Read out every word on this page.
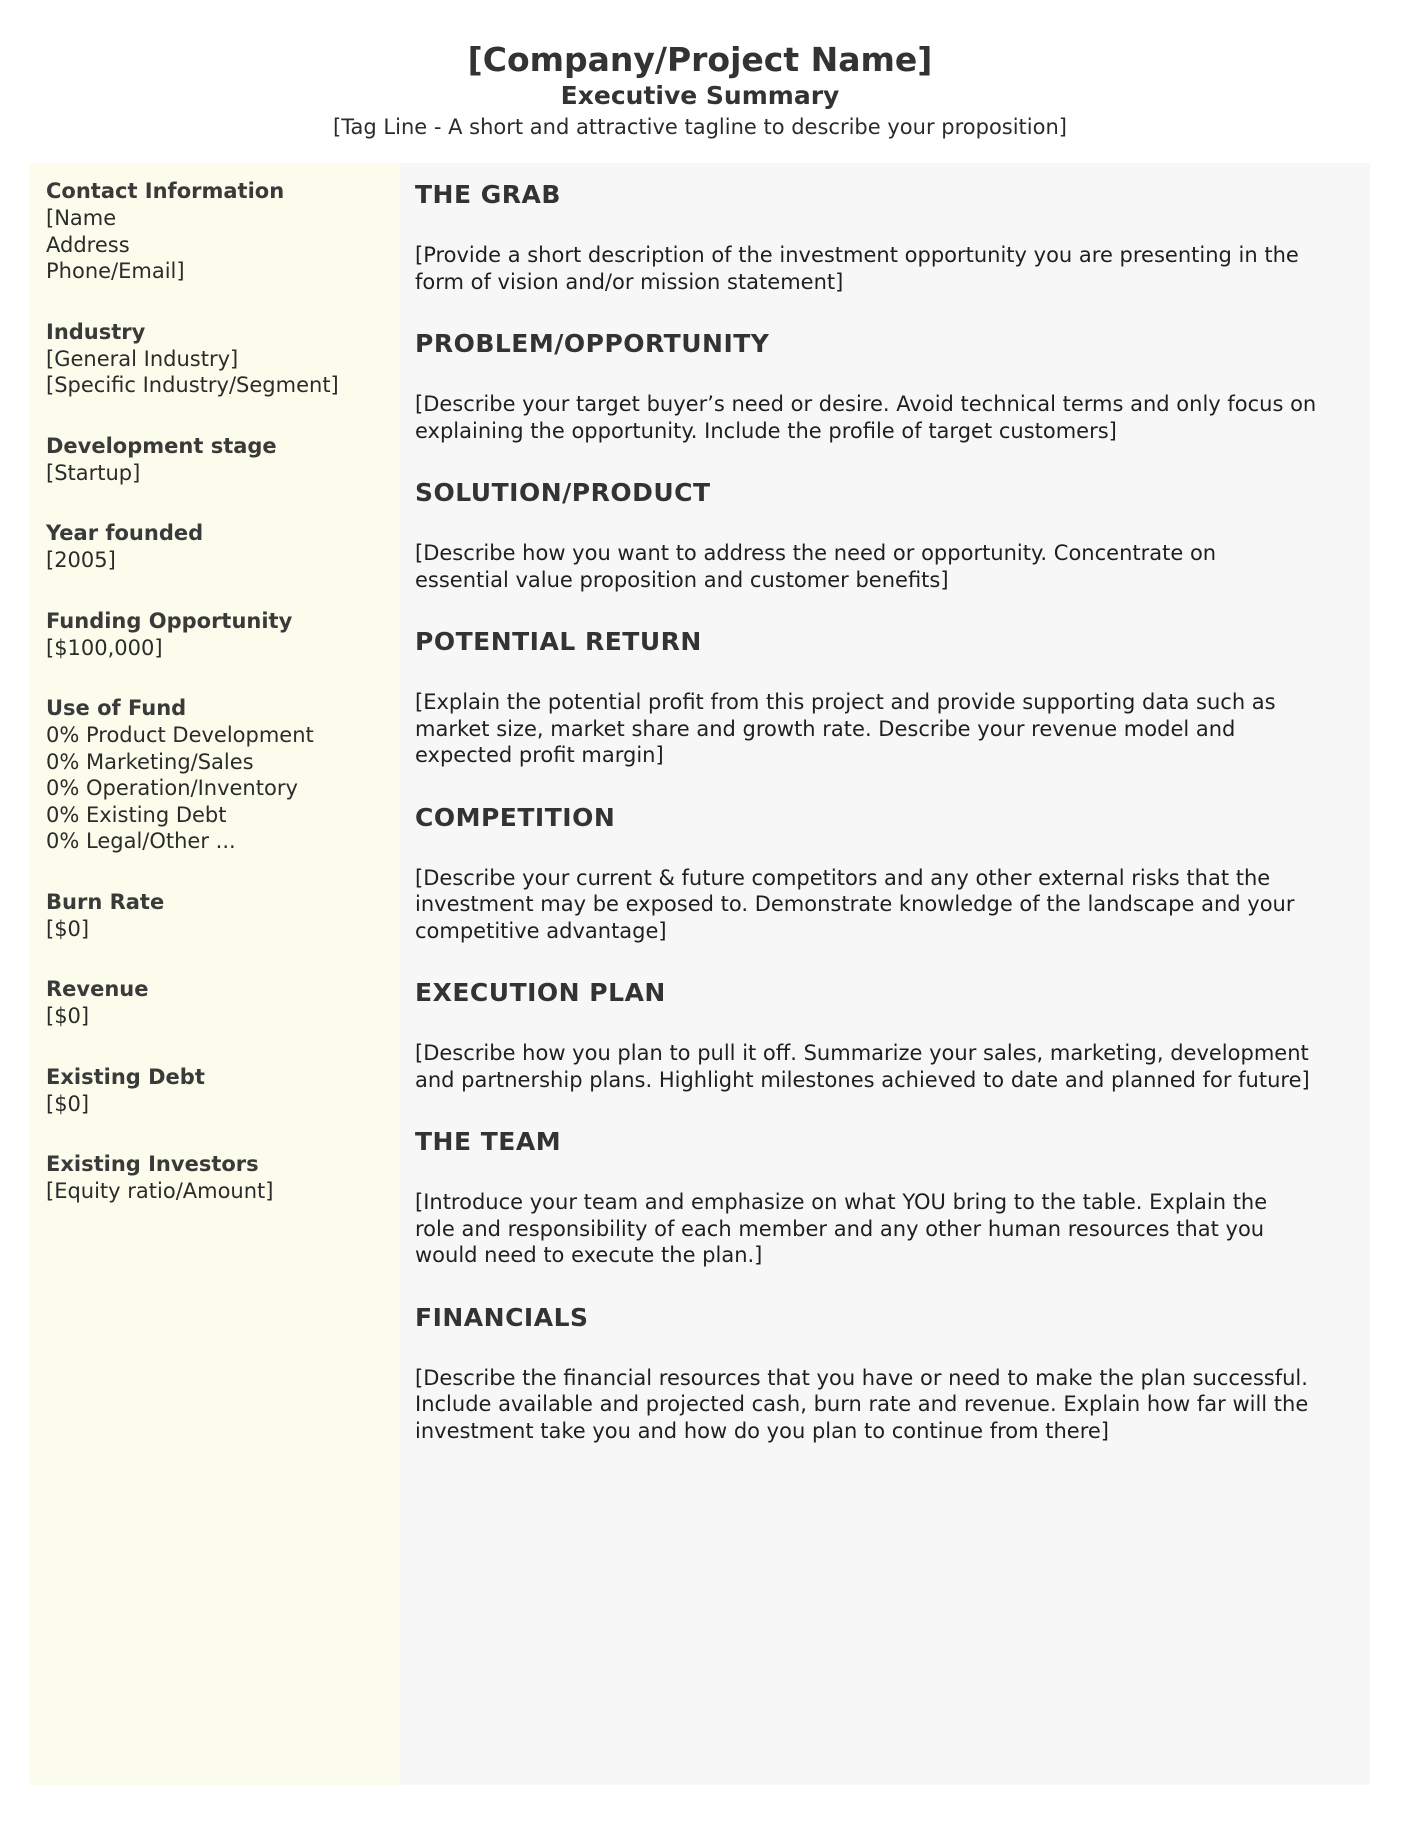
[Company/Project Name]
Executive Summary
[Tag Line - A short and attractive tagline to describe your proposition]
Contact Information
[Name
Address
Phone/Email]
Industry
[General Industry]
[Specific Industry/Segment]
Development stage
[Startup]
Year founded
[2005]
Funding Opportunity
[$100,000]
Use of Fund
0% Product Development
0% Marketing/Sales
0% Operation/Inventory
0% Existing Debt
0% Legal/Other ...
Burn Rate
[$0]
Revenue
[$0]
Existing Debt
[$0]
Existing Investors
[Equity ratio/Amount]
THE GRAB
[Provide a short description of the investment opportunity you are presenting in the
form of vision and/or mission statement]
PROBLEM/OPPORTUNITY
[Describe your target buyer’s need or desire. Avoid technical terms and only focus on
explaining the opportunity. Include the profile of target customers]
SOLUTION/PRODUCT
[Describe how you want to address the need or opportunity. Concentrate on
essential value proposition and customer benefits]
POTENTIAL RETURN
[Explain the potential profit from this project and provide supporting data such as
market size, market share and growth rate. Describe your revenue model and
expected profit margin]
COMPETITION
[Describe your current & future competitors and any other external risks that the
investment may be exposed to. Demonstrate knowledge of the landscape and your
competitive advantage]
EXECUTION PLAN
[Describe how you plan to pull it off. Summarize your sales, marketing, development
and partnership plans. Highlight milestones achieved to date and planned for future]
THE TEAM
[Introduce your team and emphasize on what YOU bring to the table. Explain the
role and responsibility of each member and any other human resources that you
would need to execute the plan.]
FINANCIALS
[Describe the financial resources that you have or need to make the plan successful.
Include available and projected cash, burn rate and revenue. Explain how far will the
investment take you and how do you plan to continue from there]
